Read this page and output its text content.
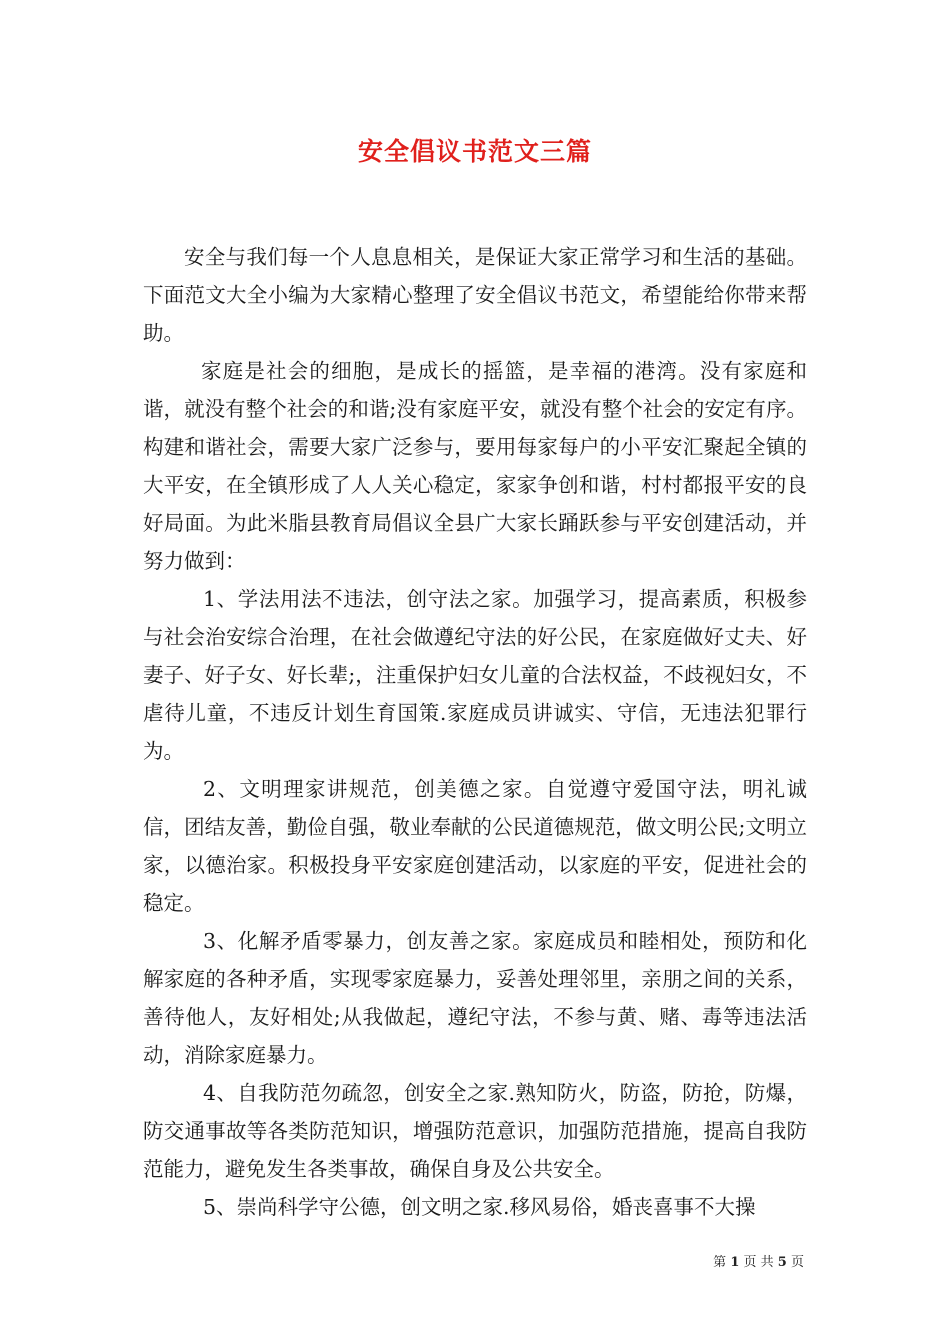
安全倡议书范文三篇

安全与我们每一个人息息相关，是保证大家正常学习和生活的基础。下面范文大全小编为大家精心整理了安全倡议书范文，希望能给你带来帮助。

家庭是社会的细胞，是成长的摇篮，是幸福的港湾。没有家庭和谐，就没有整个社会的和谐;没有家庭平安，就没有整个社会的安定有序。构建和谐社会，需要大家广泛参与，要用每家每户的小平安汇聚起全镇的大平安，在全镇形成了人人关心稳定，家家争创和谐，村村都报平安的良好局面。为此米脂县教育局倡议全县广大家长踊跃参与平安创建活动，并努力做到：

1、学法用法不违法，创守法之家。加强学习，提高素质，积极参与社会治安综合治理，在社会做遵纪守法的好公民，在家庭做好丈夫、好妻子、好子女、好长辈;，注重保护妇女儿童的合法权益，不歧视妇女，不虐待儿童，不违反计划生育国策.家庭成员讲诚实、守信，无违法犯罪行为。

2、文明理家讲规范，创美德之家。自觉遵守爱国守法，明礼诚信，团结友善，勤俭自强，敬业奉献的公民道德规范，做文明公民;文明立家，以德治家。积极投身平安家庭创建活动，以家庭的平安，促进社会的稳定。

3、化解矛盾零暴力，创友善之家。家庭成员和睦相处，预防和化解家庭的各种矛盾，实现零家庭暴力，妥善处理邻里，亲朋之间的关系，善待他人，友好相处;从我做起，遵纪守法，不参与黄、赌、毒等违法活动，消除家庭暴力。

4、自我防范勿疏忽，创安全之家.熟知防火，防盗，防抢，防爆，防交通事故等各类防范知识，增强防范意识，加强防范措施，提高自我防范能力，避免发生各类事故，确保自身及公共安全。

5、崇尚科学守公德，创文明之家.移风易俗，婚丧喜事不大操

第 1 页 共 5 页
